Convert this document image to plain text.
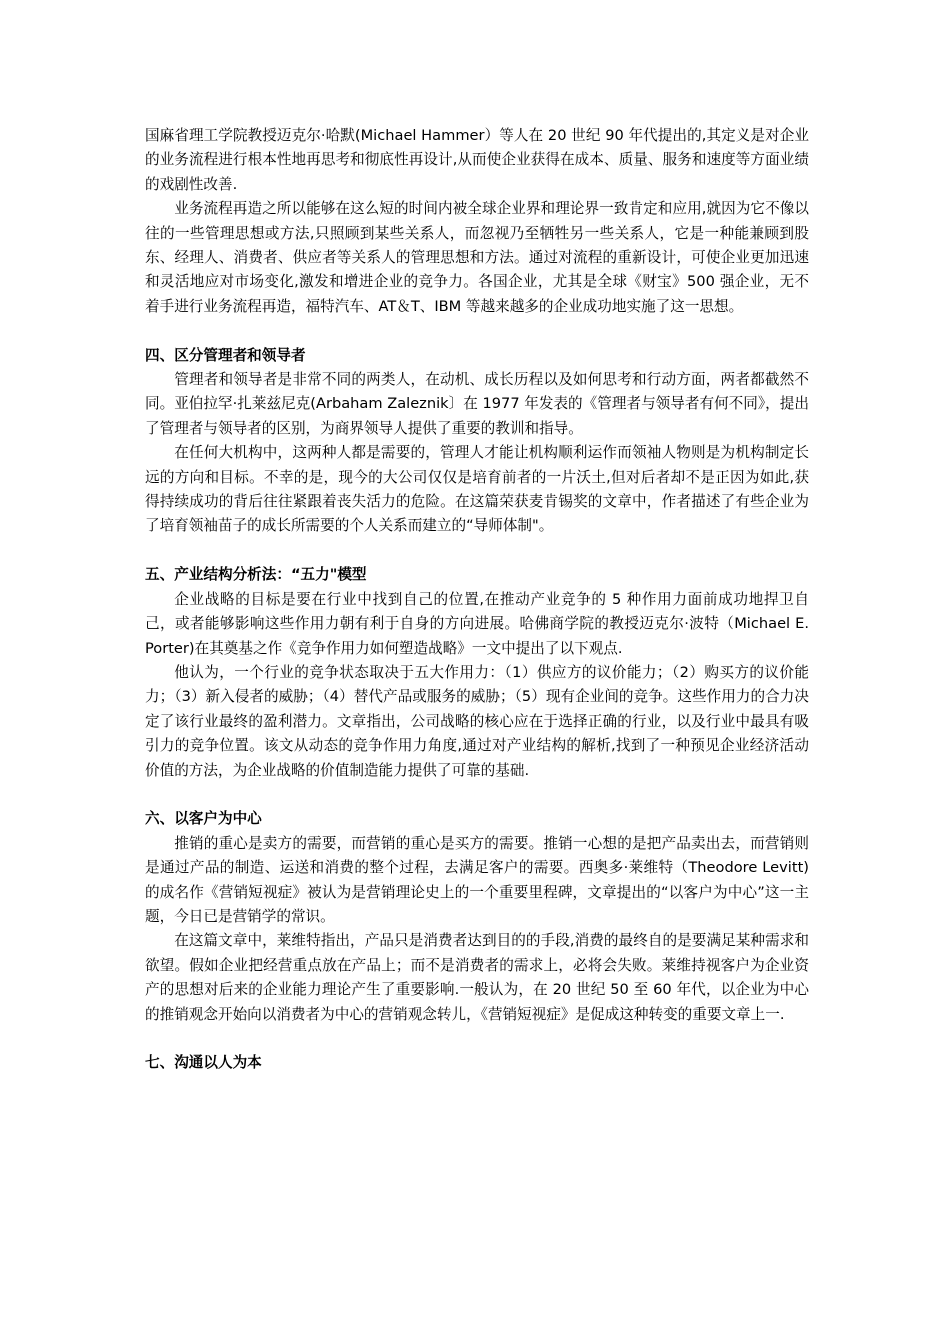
国麻省理工学院教授迈克尔·哈默(Michael Hammer）等人在 20 世纪 90 年代提出的,其定义是对企业的业务流程进行根本性地再思考和彻底性再设计,从而使企业获得在成本、质量、服务和速度等方面业绩的戏剧性改善.

业务流程再造之所以能够在这么短的时间内被全球企业界和理论界一致肯定和应用,就因为它不像以往的一些管理思想或方法,只照顾到某些关系人，而忽视乃至牺牲另一些关系人，它是一种能兼顾到股东、经理人、消费者、供应者等关系人的管理思想和方法。通过对流程的重新设计，可使企业更加迅速和灵活地应对市场变化,激发和增进企业的竞争力。各国企业，尤其是全球《财宝》500 强企业，无不着手进行业务流程再造，福特汽车、AT＆T、IBM 等越来越多的企业成功地实施了这一思想。

四、区分管理者和领导者

管理者和领导者是非常不同的两类人，在动机、成长历程以及如何思考和行动方面，两者都截然不同。亚伯拉罕·扎莱兹尼克(Arbaham Zaleznik〕在 1977 年发表的《管理者与领导者有何不同》，提出了管理者与领导者的区别，为商界领导人提供了重要的教训和指导。

在任何大机构中，这两种人都是需要的，管理人才能让机构顺利运作而领袖人物则是为机构制定长远的方向和目标。不幸的是，现今的大公司仅仅是培育前者的一片沃土,但对后者却不是正因为如此,获得持续成功的背后往往紧跟着丧失活力的危险。在这篇荣获麦肯锡奖的文章中，作者描述了有些企业为了培育领袖苗子的成长所需要的个人关系而建立的“导师体制"。

五、产业结构分析法：“五力"模型

企业战略的目标是要在行业中找到自己的位置,在推动产业竞争的 5 种作用力面前成功地捍卫自己，或者能够影响这些作用力朝有利于自身的方向进展。哈佛商学院的教授迈克尔·波特（Michael E. Porter)在其奠基之作《竞争作用力如何塑造战略》一文中提出了以下观点.

他认为，一个行业的竞争状态取决于五大作用力：（1）供应方的议价能力；（2）购买方的议价能力；（3）新入侵者的威胁；（4）替代产品或服务的威胁；（5）现有企业间的竞争。这些作用力的合力决定了该行业最终的盈利潜力。文章指出，公司战略的核心应在于选择正确的行业，以及行业中最具有吸引力的竞争位置。该文从动态的竞争作用力角度,通过对产业结构的解析,找到了一种预见企业经济活动价值的方法，为企业战略的价值制造能力提供了可靠的基础.

六、以客户为中心

推销的重心是卖方的需要，而营销的重心是买方的需要。推销一心想的是把产品卖出去，而营销则是通过产品的制造、运送和消费的整个过程，去满足客户的需要。西奥多·莱维特（Theodore Levitt)的成名作《营销短视症》被认为是营销理论史上的一个重要里程碑，文章提出的“以客户为中心”这一主题，今日已是营销学的常识。

在这篇文章中，莱维特指出，产品只是消费者达到目的的手段,消费的最终自的是要满足某种需求和欲望。假如企业把经营重点放在产品上；而不是消费者的需求上，必将会失败。莱维持视客户为企业资产的思想对后来的企业能力理论产生了重要影响.一般认为，在 20 世纪 50 至 60 年代，以企业为中心的推销观念开始向以消费者为中心的营销观念转儿，《营销短视症》是促成这种转变的重要文章上一.

七、沟通以人为本
